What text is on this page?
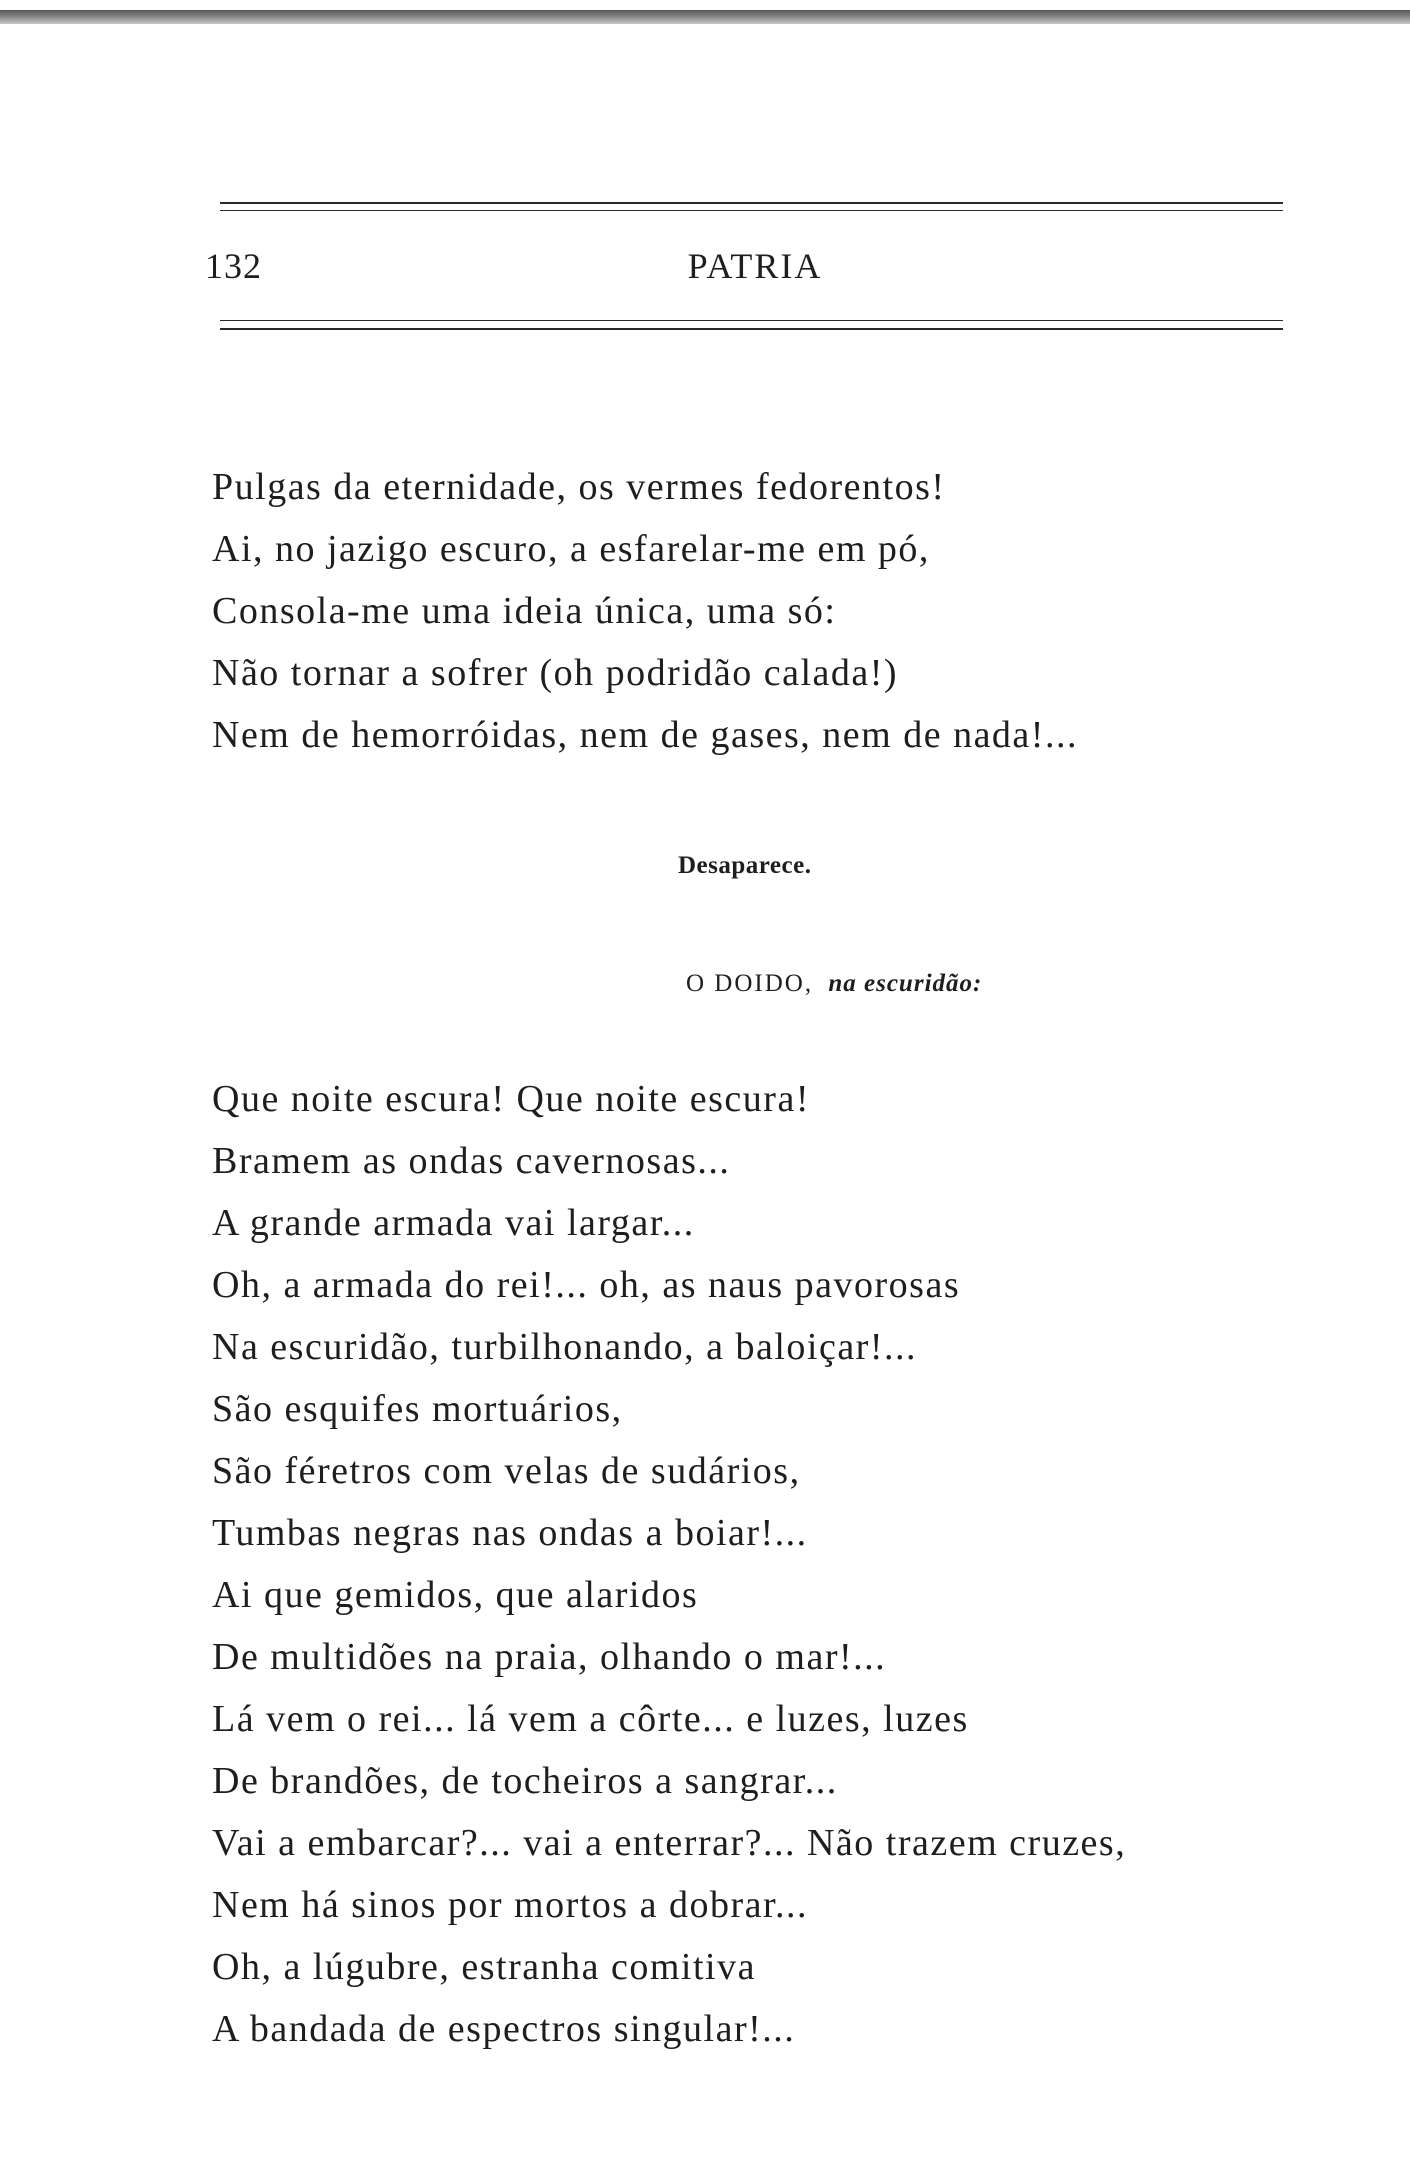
132	PATRIA
Pulgas da eternidade, os vermes fedorentos!
Ai, no jazigo escuro, a esfarelar-me em pó,
Consola-me uma ideia única, uma só:
Não tornar a sofrer (oh podridão calada!)
Nem de hemorróidas, nem de gases, nem de nada!...
Desaparece.
O DOIDO, na escuridão:
Que noite escura! Que noite escura!
Bramem as ondas cavernosas...
A grande armada vai largar...
Oh, a armada do rei!... oh, as naus pavorosas
Na escuridão, turbilhonando, a baloiçar!...
São esquifes mortuários,
São féretros com velas de sudários,
Tumbas negras nas ondas a boiar!...
Ai que gemidos, que alaridos
De multidões na praia, olhando o mar!...
Lá vem o rei... lá vem a côrte... e luzes, luzes
De brandões, de tocheiros a sangrar...
Vai a embarcar?... vai a enterrar?... Não trazem cruzes,
Nem há sinos por mortos a dobrar...
Oh, a lúgubre, estranha comitiva
A bandada de espectros singular!...
